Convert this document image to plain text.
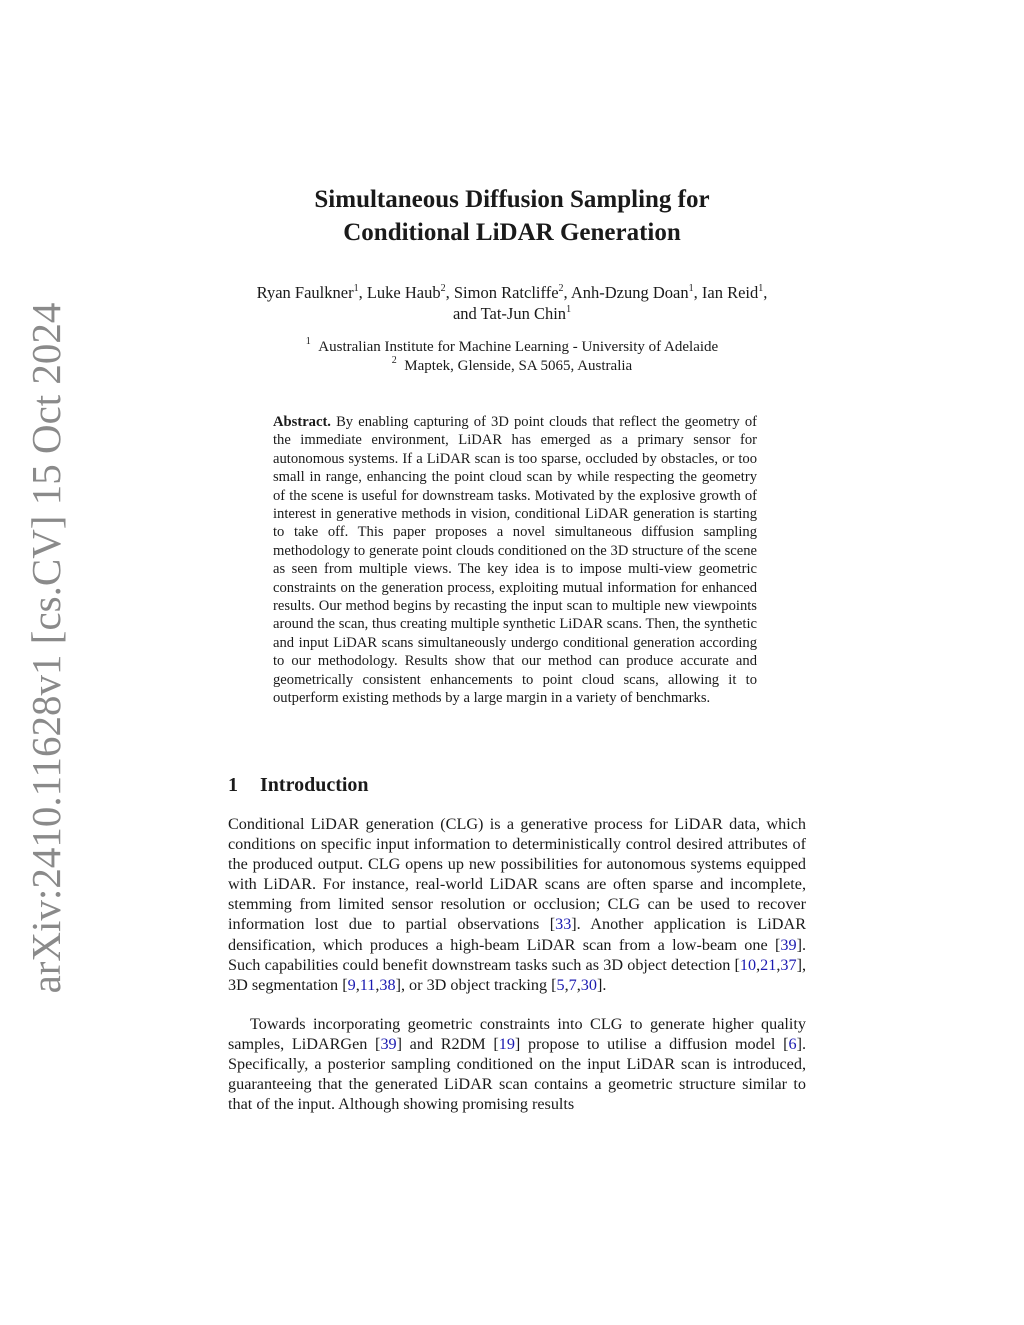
arXiv:2410.11628v1 [cs.CV] 15 Oct 2024
Simultaneous Diffusion Sampling for
Conditional LiDAR Generation
Ryan Faulkner$^1$, Luke Haub$^2$, Simon Ratcliffe$^2$, Anh-Dzung Doan$^1$, Ian Reid$^1$,
and Tat-Jun Chin$^1$
$^1$ Australian Institute for Machine Learning - University of Adelaide
$^2$ Maptek, Glenside, SA 5065, Australia
Abstract. By enabling capturing of 3D point clouds that reflect the geometry of the immediate environment, LiDAR has emerged as a primary sensor for autonomous systems. If a LiDAR scan is too sparse, occluded by obstacles, or too small in range, enhancing the point cloud scan by while respecting the geometry of the scene is useful for downstream tasks. Motivated by the explosive growth of interest in generative methods in vision, conditional LiDAR generation is starting to take off. This paper proposes a novel simultaneous diffusion sampling methodology to generate point clouds conditioned on the 3D structure of the scene as seen from multiple views. The key idea is to impose multi-view geometric constraints on the generation process, exploiting mutual information for enhanced results. Our method begins by recasting the input scan to multiple new viewpoints around the scan, thus creating multiple synthetic LiDAR scans. Then, the synthetic and input LiDAR scans simultaneously undergo conditional generation according to our methodology. Results show that our method can produce accurate and geometrically consistent enhancements to point cloud scans, allowing it to outperform existing methods by a large margin in a variety of benchmarks.
1 Introduction
Conditional LiDAR generation (CLG) is a generative process for LiDAR data, which conditions on specific input information to deterministically control desired attributes of the produced output. CLG opens up new possibilities for autonomous systems equipped with LiDAR. For instance, real-world LiDAR scans are often sparse and incomplete, stemming from limited sensor resolution or occlusion; CLG can be used to recover information lost due to partial observations [33]. Another application is LiDAR densification, which produces a high-beam LiDAR scan from a low-beam one [39]. Such capabilities could benefit downstream tasks such as 3D object detection [10,21,37], 3D segmentation [9,11,38], or 3D object tracking [5,7,30].
Towards incorporating geometric constraints into CLG to generate higher quality samples, LiDARGen [39] and R2DM [19] propose to utilise a diffusion model [6]. Specifically, a posterior sampling conditioned on the input LiDAR scan is introduced, guaranteeing that the generated LiDAR scan contains a geometric structure similar to that of the input. Although showing promising results
